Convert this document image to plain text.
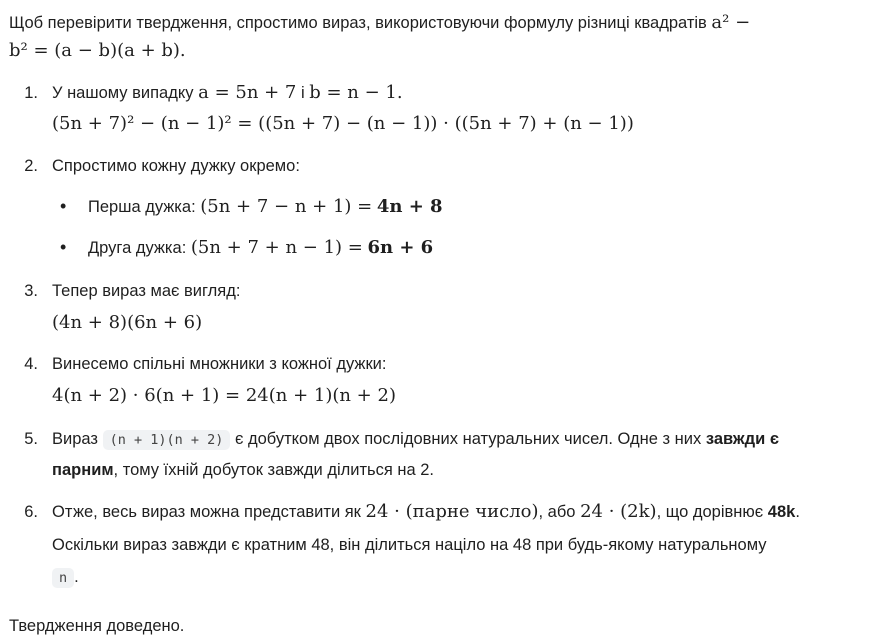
Щоб перевірити твердження, спростимо вираз, використовуючи формулу різниці квадратів a² −
b² = (a − b)(a + b).
1. У нашому випадку a = 5n + 7 і b = n − 1.
(5n + 7)² − (n − 1)² = ((5n + 7) − (n − 1)) · ((5n + 7) + (n − 1))
2. Спростимо кожну дужку окремо:
• Перша дужка: (5n + 7 − n + 1) = 4n + 8
• Друга дужка: (5n + 7 + n − 1) = 6n + 6
3. Тепер вираз має вигляд:
(4n + 8)(6n + 6)
4. Винесемо спільні множники з кожної дужки:
4(n + 2) · 6(n + 1) = 24(n + 1)(n + 2)
5. Вираз (n + 1)(n + 2) є добутком двох послідовних натуральних чисел. Одне з них завжди є
парним, тому їхній добуток завжди ділиться на 2.
6. Отже, весь вираз можна представити як 24 · (парне число), або 24 · (2k), що дорівнює 48k.
Оскільки вираз завжди є кратним 48, він ділиться націло на 48 при будь-якому натуральному
n .
Твердження доведено.
